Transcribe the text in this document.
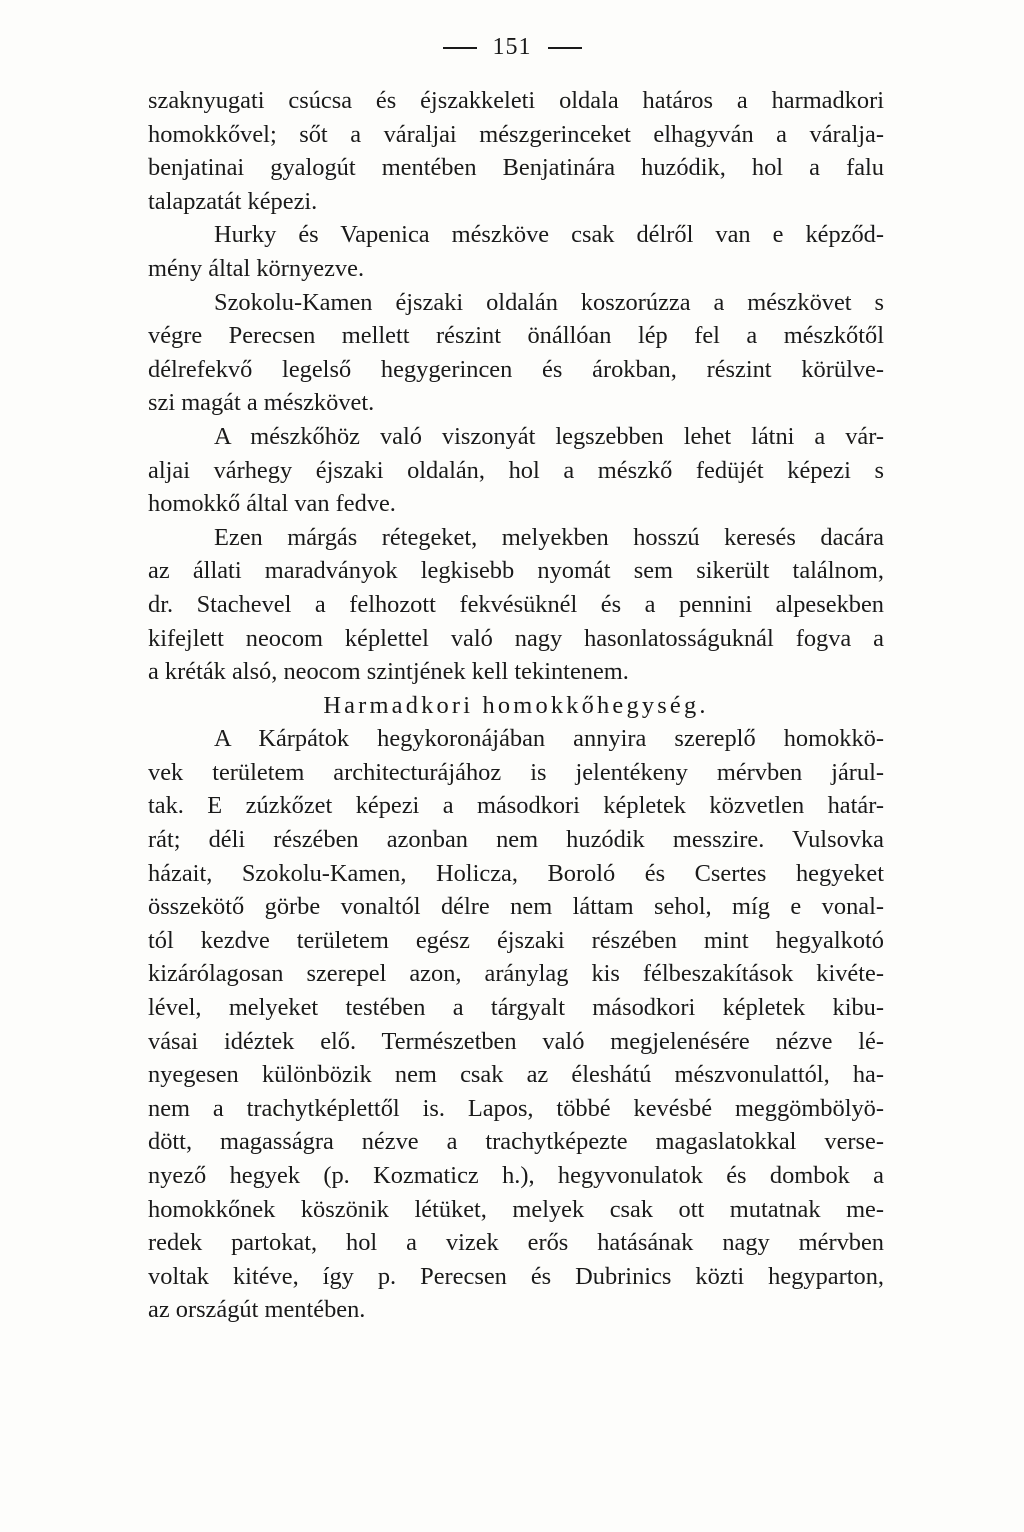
151
szaknyugati csúcsa és éjszakkeleti oldala határos a harmadkori
homokkővel; sőt a váraljai mészgerinceket elhagyván a váralja-
benjatinai gyalogút mentében Benjatinára huzódik, hol a falu
talapzatát képezi.
Hurky és Vapenica mészköve csak délről van e képződ-
mény által környezve.
Szokolu-Kamen éjszaki oldalán koszorúzza a mészkövet s
végre Perecsen mellett részint önállóan lép fel a mészkőtől
délrefekvő legelső hegygerincen és árokban, részint körülve-
szi magát a mészkövet.
A mészkőhöz való viszonyát legszebben lehet látni a vár-
aljai várhegy éjszaki oldalán, hol a mészkő fedüjét képezi s
homokkő által van fedve.
Ezen márgás rétegeket, melyekben hosszú keresés dacára
az állati maradványok legkisebb nyomát sem sikerült találnom,
dr. Stachevel a felhozott fekvésüknél és a pennini alpesekben
kifejlett neocom képlettel való nagy hasonlatosságuknál fogva a
a kréták alsó, neocom szintjének kell tekintenem.
Harmadkori homokkőhegység.
A Kárpátok hegykoronájában annyira szereplő homokkö-
vek területem architecturájához is jelentékeny mérvben járul-
tak. E zúzkőzet képezi a másodkori képletek közvetlen határ-
rát; déli részében azonban nem huzódik messzire. Vulsovka
házait, Szokolu-Kamen, Holicza, Boroló és Csertes hegyeket
összekötő görbe vonaltól délre nem láttam sehol, míg e vonal-
tól kezdve területem egész éjszaki részében mint hegyalkotó
kizárólagosan szerepel azon, aránylag kis félbeszakítások kivéte-
lével, melyeket testében a tárgyalt másodkori képletek kibu-
vásai idéztek elő. Természetben való megjelenésére nézve lé-
nyegesen különbözik nem csak az éleshátú mészvonulattól, ha-
nem a trachytképlettől is. Lapos, többé kevésbé meggömbölyö-
dött, magasságra nézve a trachytképezte magaslatokkal verse-
nyező hegyek (p. Kozmaticz h.), hegyvonulatok és dombok a
homokkőnek köszönik létüket, melyek csak ott mutatnak me-
redek partokat, hol a vizek erős hatásának nagy mérvben
voltak kitéve, így p. Perecsen és Dubrinics közti hegyparton,
az országút mentében.
